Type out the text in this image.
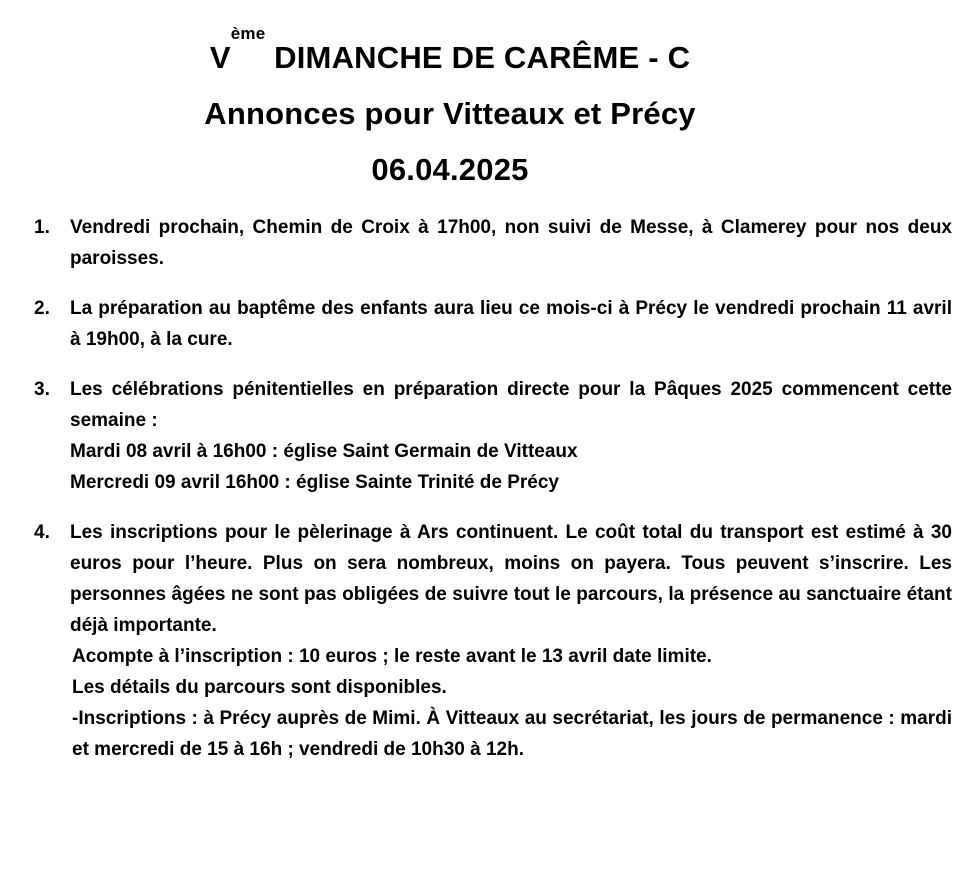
Vème DIMANCHE DE CARÊME - C
Annonces pour Vitteaux et Précy
06.04.2025
1. Vendredi prochain, Chemin de Croix à 17h00, non suivi de Messe, à Clamerey pour nos deux paroisses.
2. La préparation au baptême des enfants aura lieu ce mois-ci à Précy le vendredi prochain 11 avril à 19h00, à la cure.
3. Les célébrations pénitentielles en préparation directe pour la Pâques 2025 commencent cette semaine :
Mardi 08 avril à 16h00 : église Saint Germain de Vitteaux
Mercredi 09 avril 16h00 : église Sainte Trinité de Précy
4. Les inscriptions pour le pèlerinage à Ars continuent. Le coût total du transport est estimé à 30 euros pour l’heure. Plus on sera nombreux, moins on payera. Tous peuvent s’inscrire. Les personnes âgées ne sont pas obligées de suivre tout le parcours, la présence au sanctuaire étant déjà importante.
Acompte à l’inscription : 10 euros ; le reste avant le 13 avril date limite.
Les détails du parcours sont disponibles.
-Inscriptions : à Précy auprès de Mimi. À Vitteaux au secrétariat, les jours de permanence : mardi et mercredi de 15 à 16h ; vendredi de 10h30 à 12h.
